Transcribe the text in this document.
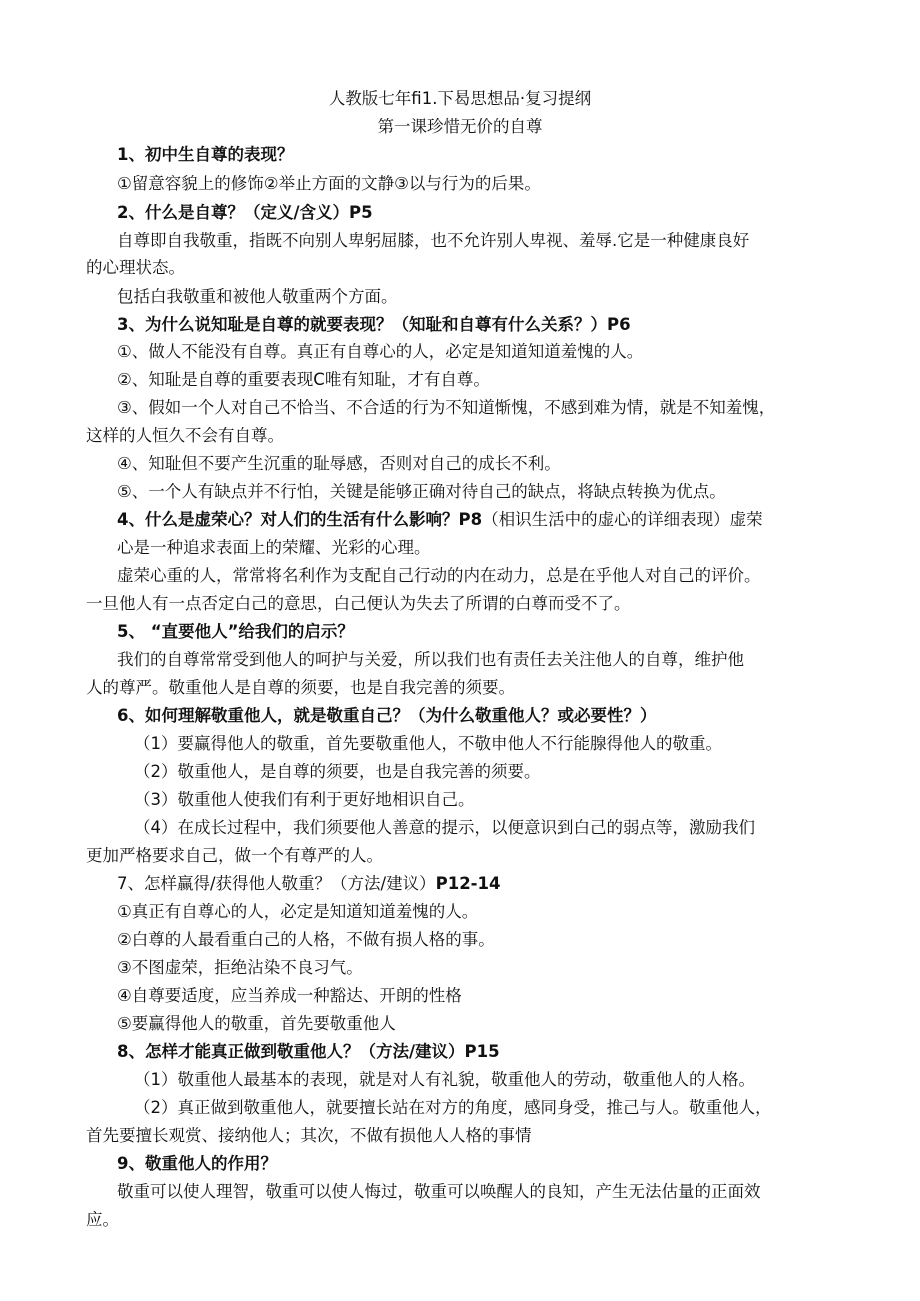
人教版七年fi1.下曷思想品·复习提纲
第一课珍惜无价的自尊
1、初中生自尊的表现？
①留意容貌上的修饰②举止方面的文静③以与行为的后果。
2、什么是自尊？（定义/含义）P5
自尊即自我敬重，指既不向别人卑躬屈膝，也不允许别人卑视、羞辱.它是一种健康良好
的心理状态。
包括白我敬重和被他人敬重两个方面。
3、为什么说知耻是自尊的就要表现？（知耻和自尊有什么关系？）P6
①、做人不能没有自尊。真正有自尊心的人，必定是知道知道羞愧的人。
②、知耻是自尊的重要表现C唯有知耻，才有自尊。
③、假如一个人对自己不恰当、不合适的行为不知道惭愧，不感到难为情，就是不知羞愧，
这样的人恒久不会有自尊。
④、知耻但不要产生沉重的耻辱感，否则对自己的成长不利。
⑤、一个人有缺点并不行怕，关键是能够正确对待自己的缺点，将缺点转换为优点。
4、什么是虚荣心？对人们的生活有什么影响？P8（相识生活中的虚心的详细表现）虚荣
心是一种追求表面上的荣耀、光彩的心理。
虚荣心重的人，常常将名利作为支配自己行动的内在动力，总是在乎他人对自己的评价。
一旦他人有一点否定白己的意思，白己便认为失去了所谓的白尊而受不了。
5、 “直要他人”给我们的启示？
我们的自尊常常受到他人的呵护与关爱，所以我们也有责任去关注他人的自尊，维护他
人的尊严。敬重他人是自尊的须要，也是自我完善的须要。
6、如何理解敬重他人，就是敬重自己？（为什么敬重他人？或必要性？）
（1）要赢得他人的敬重，首先要敬重他人，不敬申他人不行能腺得他人的敬重。
（2）敬重他人，是自尊的须要，也是自我完善的须要。
（3）敬重他人使我们有利于更好地相识自己。
（4）在成长过程中，我们须要他人善意的提示，以便意识到白己的弱点等，激励我们
更加严格要求自己，做一个有尊严的人。
7、怎样赢得/获得他人敬重？（方法/建议）P12-14
①真正有自尊心的人，必定是知道知道羞愧的人。
②白尊的人最看重白己的人格，不做有损人格的事。
③不图虚荣，拒绝沾染不良习气。
④自尊要适度，应当养成一种豁达、开朗的性格
⑤要赢得他人的敬重，首先要敬重他人
8、怎样才能真正做到敬重他人？（方法/建议）P15
（1）敬重他人最基本的表现，就是对人有礼貌，敬重他人的劳动，敬重他人的人格。
（2）真正做到敬重他人，就要擅长站在对方的角度，感同身受，推己与人。敬重他人，
首先要擅长观赏、接纳他人；其次，不做有损他人人格的事情
9、敬重他人的作用？
敬重可以使人理智，敬重可以使人悔过，敬重可以唤醒人的良知，产生无法估量的正面效
应。
